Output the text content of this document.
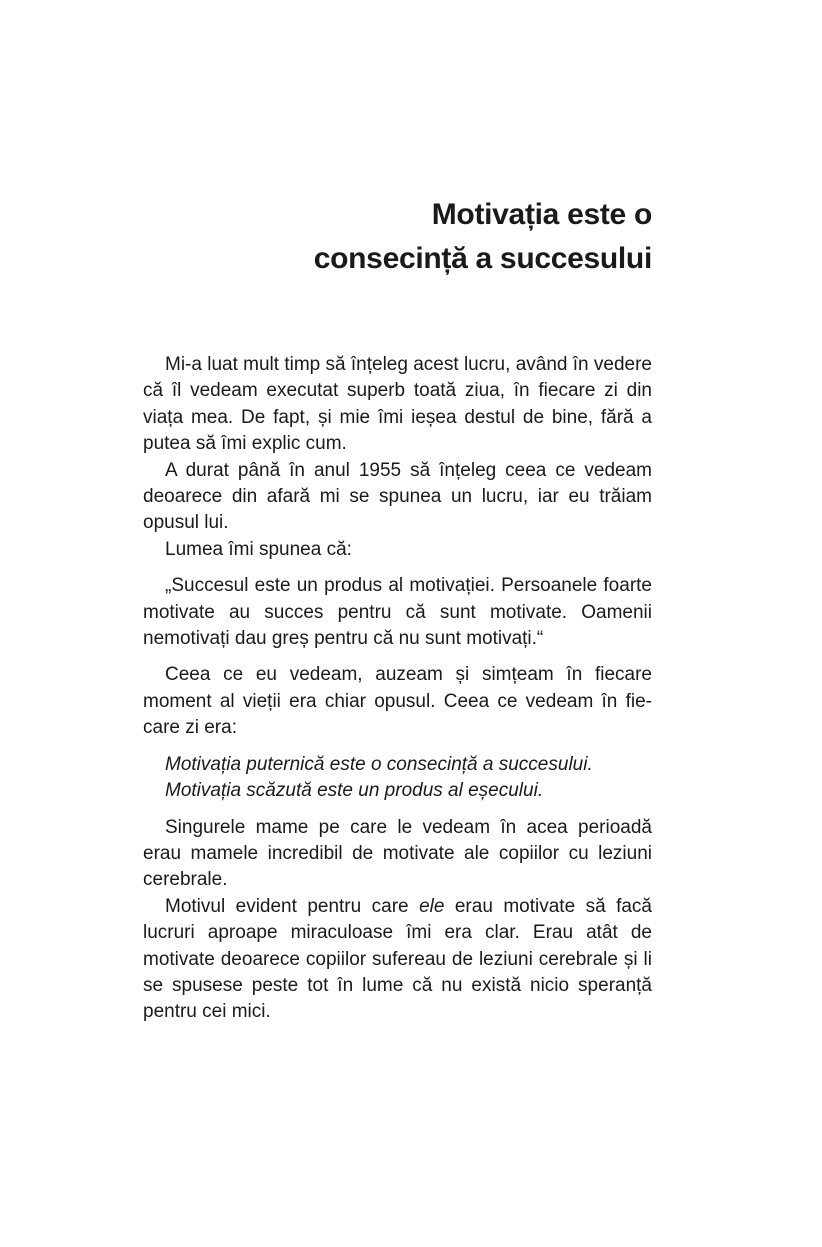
Motivația este o
consecință a succesului

Mi-a luat mult timp să înțeleg acest lucru, având în vedere că îl vedeam executat superb toată ziua, în fiecare zi din viața mea. De fapt, și mie îmi ieșea destul de bine, fără a putea să îmi explic cum.

A durat până în anul 1955 să înțeleg ceea ce vedeam deoarece din afară mi se spunea un lucru, iar eu trăiam opusul lui.

Lumea îmi spunea că:

„Succesul este un produs al motivației. Persoanele foarte motivate au succes pentru că sunt motivate. Oamenii nemotivați dau greș pentru că nu sunt motivați.“

Ceea ce eu vedeam, auzeam și simțeam în fiecare moment al vieții era chiar opusul. Ceea ce vedeam în fiecare zi era:

Motivația puternică este o consecință a succesului.
Motivația scăzută este un produs al eșecului.

Singurele mame pe care le vedeam în acea perioadă erau mamele incredibil de motivate ale copiilor cu leziuni cerebrale.

Motivul evident pentru care ele erau motivate să facă lucruri aproape miraculoase îmi era clar. Erau atât de motivate deoarece copiilor sufereau de leziuni cerebrale și li se spusese peste tot în lume că nu există nicio speranță pentru cei mici.
